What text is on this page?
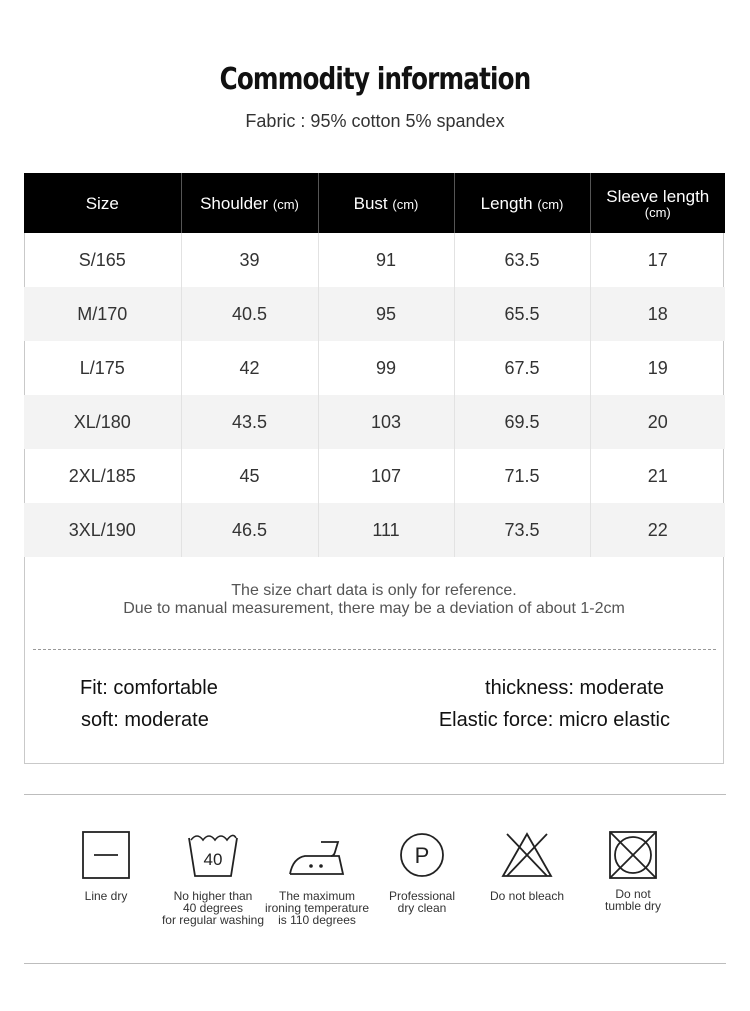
Commodity information
Fabric : 95% cotton 5% spandex
Size	Shoulder (cm)	Bust (cm)	Length (cm)	Sleeve length
(cm)

S/165	39	91	63.5	17
M/170	40.5	95	65.5	18
L/175	42	99	67.5	19
XL/180	43.5	103	69.5	20
2XL/185	45	107	71.5	21
3XL/190	46.5	111	73.5	22
The size chart data is only for reference.
Due to manual measurement, there may be a deviation of about 1-2cm
Fit: comfortable	thickness: moderate
soft: moderate	Elastic force: micro elastic
Line dry
40
No higher than
40 degrees
for regular washing
The maximum
ironing temperature
is 110 degrees
P
Professional
dry clean
Do not bleach	Do not
tumble dry
